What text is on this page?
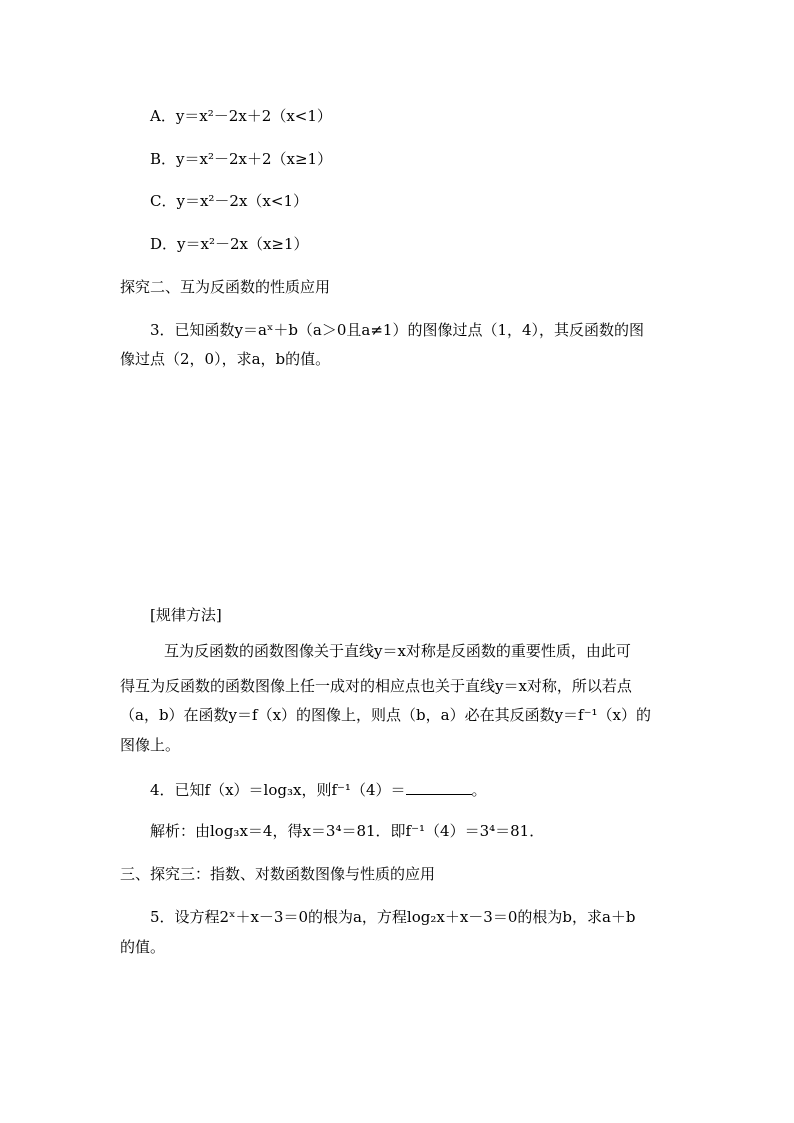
A．y＝x²－2x＋2（x<1）
B．y＝x²－2x＋2（x≥1）
C．y＝x²－2x（x<1）
D．y＝x²－2x（x≥1）
探究二、互为反函数的性质应用
3．已知函数y＝aˣ＋b（a＞0且a≠1）的图像过点（1，4），其反函数的图
像过点（2，0），求a，b的值。
[规律方法]
互为反函数的函数图像关于直线y＝x对称是反函数的重要性质，由此可
得互为反函数的函数图像上任一成对的相应点也关于直线y＝x对称，所以若点
（a，b）在函数y＝f（x）的图像上，则点（b，a）必在其反函数y＝f⁻¹（x）的
图像上。
4．已知f（x）＝log₃x，则f⁻¹（4）＝	。
解析：由log₃x＝4，得x＝3⁴＝81．即f⁻¹（4）＝3⁴＝81．
三、探究三：指数、对数函数图像与性质的应用
5．设方程2ˣ＋x－3＝0的根为a，方程log₂x＋x－3＝0的根为b，求a＋b
的值。
